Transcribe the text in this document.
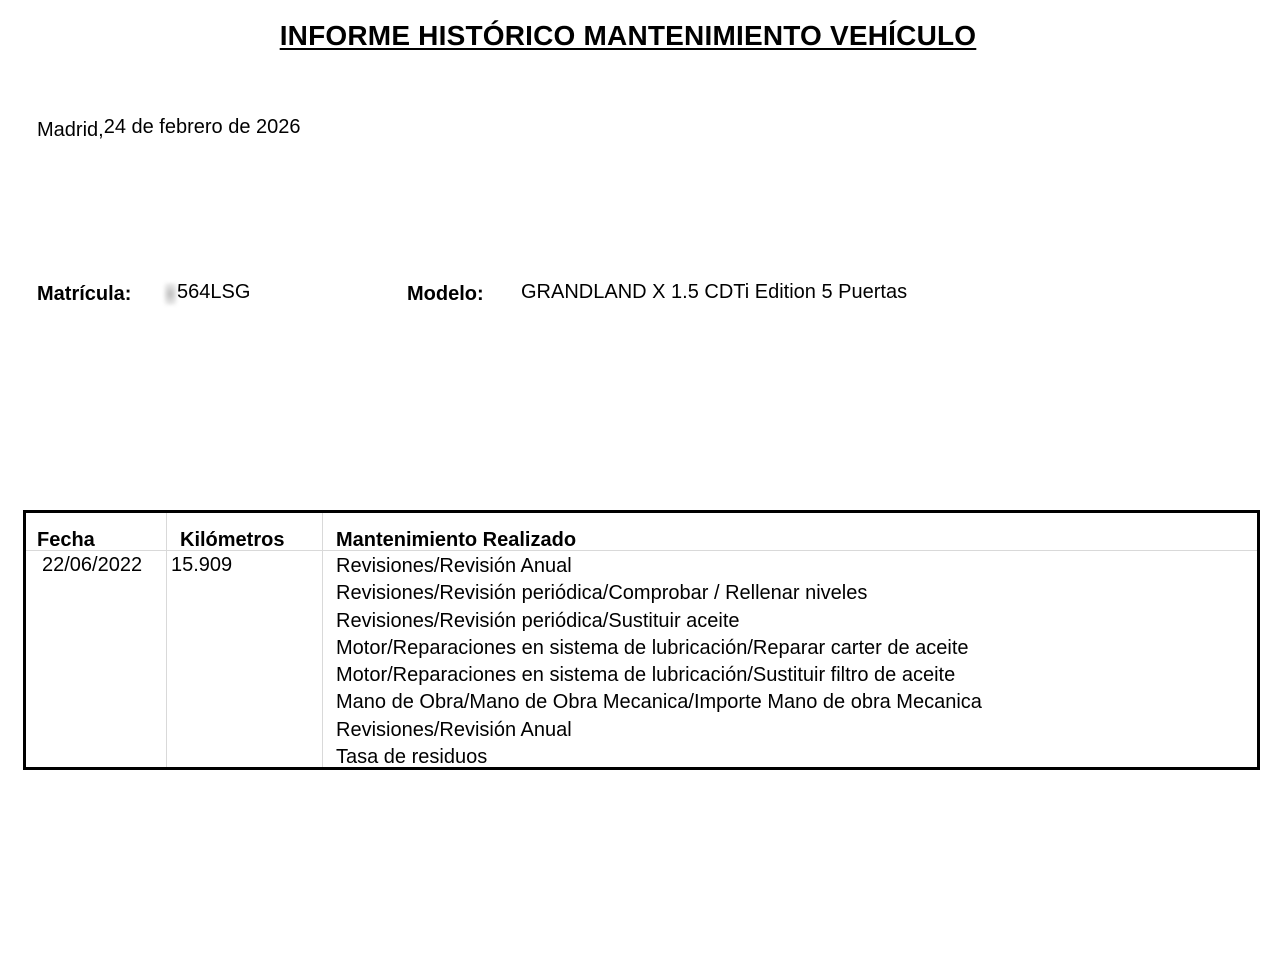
INFORME HISTÓRICO MANTENIMIENTO VEHÍCULO
Madrid,24 de febrero de 2026
Matrícula: 564LSG	Modelo: GRANDLAND X 1.5 CDTi Edition 5 Puertas
Fecha	Kilómetros	Mantenimiento Realizado
22/06/2022 15.909	Revisiones/Revisión Anual
Revisiones/Revisión periódica/Comprobar / Rellenar niveles
Revisiones/Revisión periódica/Sustituir aceite
Motor/Reparaciones en sistema de lubricación/Reparar carter de aceite
Motor/Reparaciones en sistema de lubricación/Sustituir filtro de aceite
Mano de Obra/Mano de Obra Mecanica/Importe Mano de obra Mecanica
Revisiones/Revisión Anual
Tasa de residuos
